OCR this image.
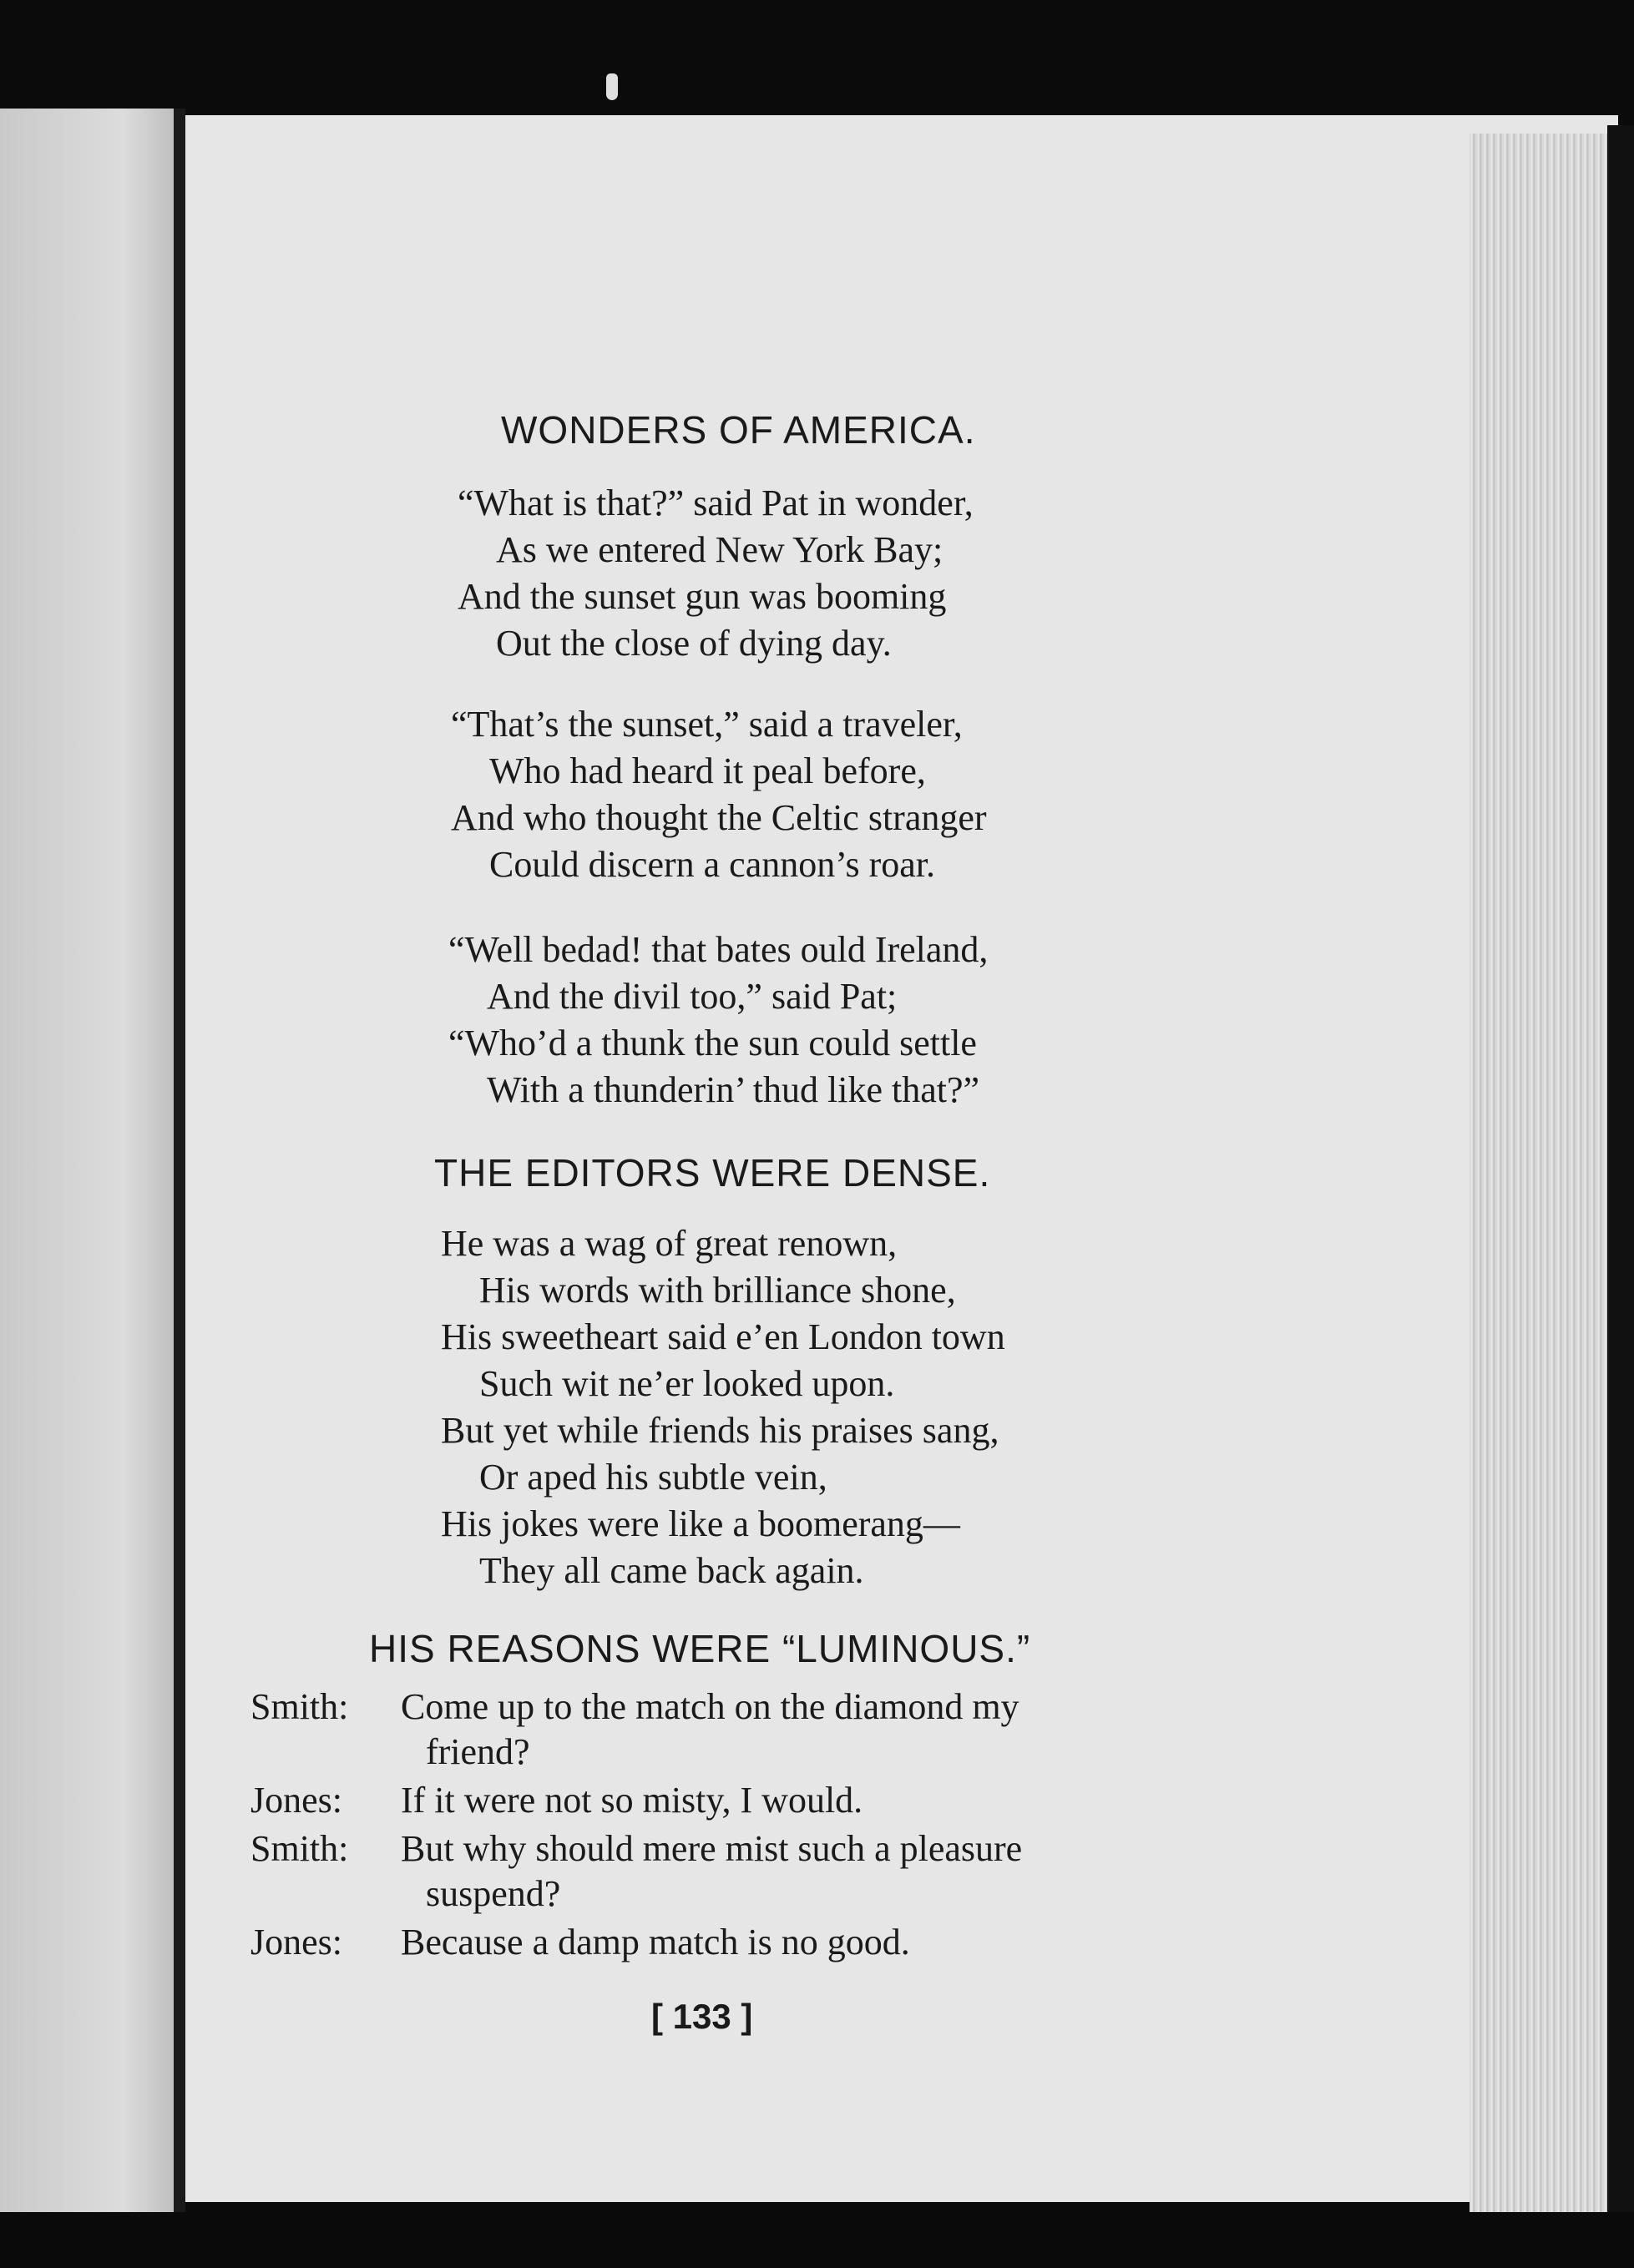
WONDERS OF AMERICA.
“What is that?” said Pat in wonder,
As we entered New York Bay;
And the sunset gun was booming
Out the close of dying day.
“That’s the sunset,” said a traveler,
Who had heard it peal before,
And who thought the Celtic stranger
Could discern a cannon’s roar.
“Well bedad! that bates ould Ireland,
And the divil too,” said Pat;
“Who’d a thunk the sun could settle
With a thunderin’ thud like that?”
THE EDITORS WERE DENSE.
He was a wag of great renown,
His words with brilliance shone,
His sweetheart said e’en London town
Such wit ne’er looked upon.
But yet while friends his praises sang,
Or aped his subtle vein,
His jokes were like a boomerang—
They all came back again.
HIS REASONS WERE “LUMINOUS.”
Smith:	Come up to the match on the diamond my
friend?
Jones:	If it were not so misty, I would.
Smith:	But why should mere mist such a pleasure
suspend?
Jones:	Because a damp match is no good.
[ 133 ]
